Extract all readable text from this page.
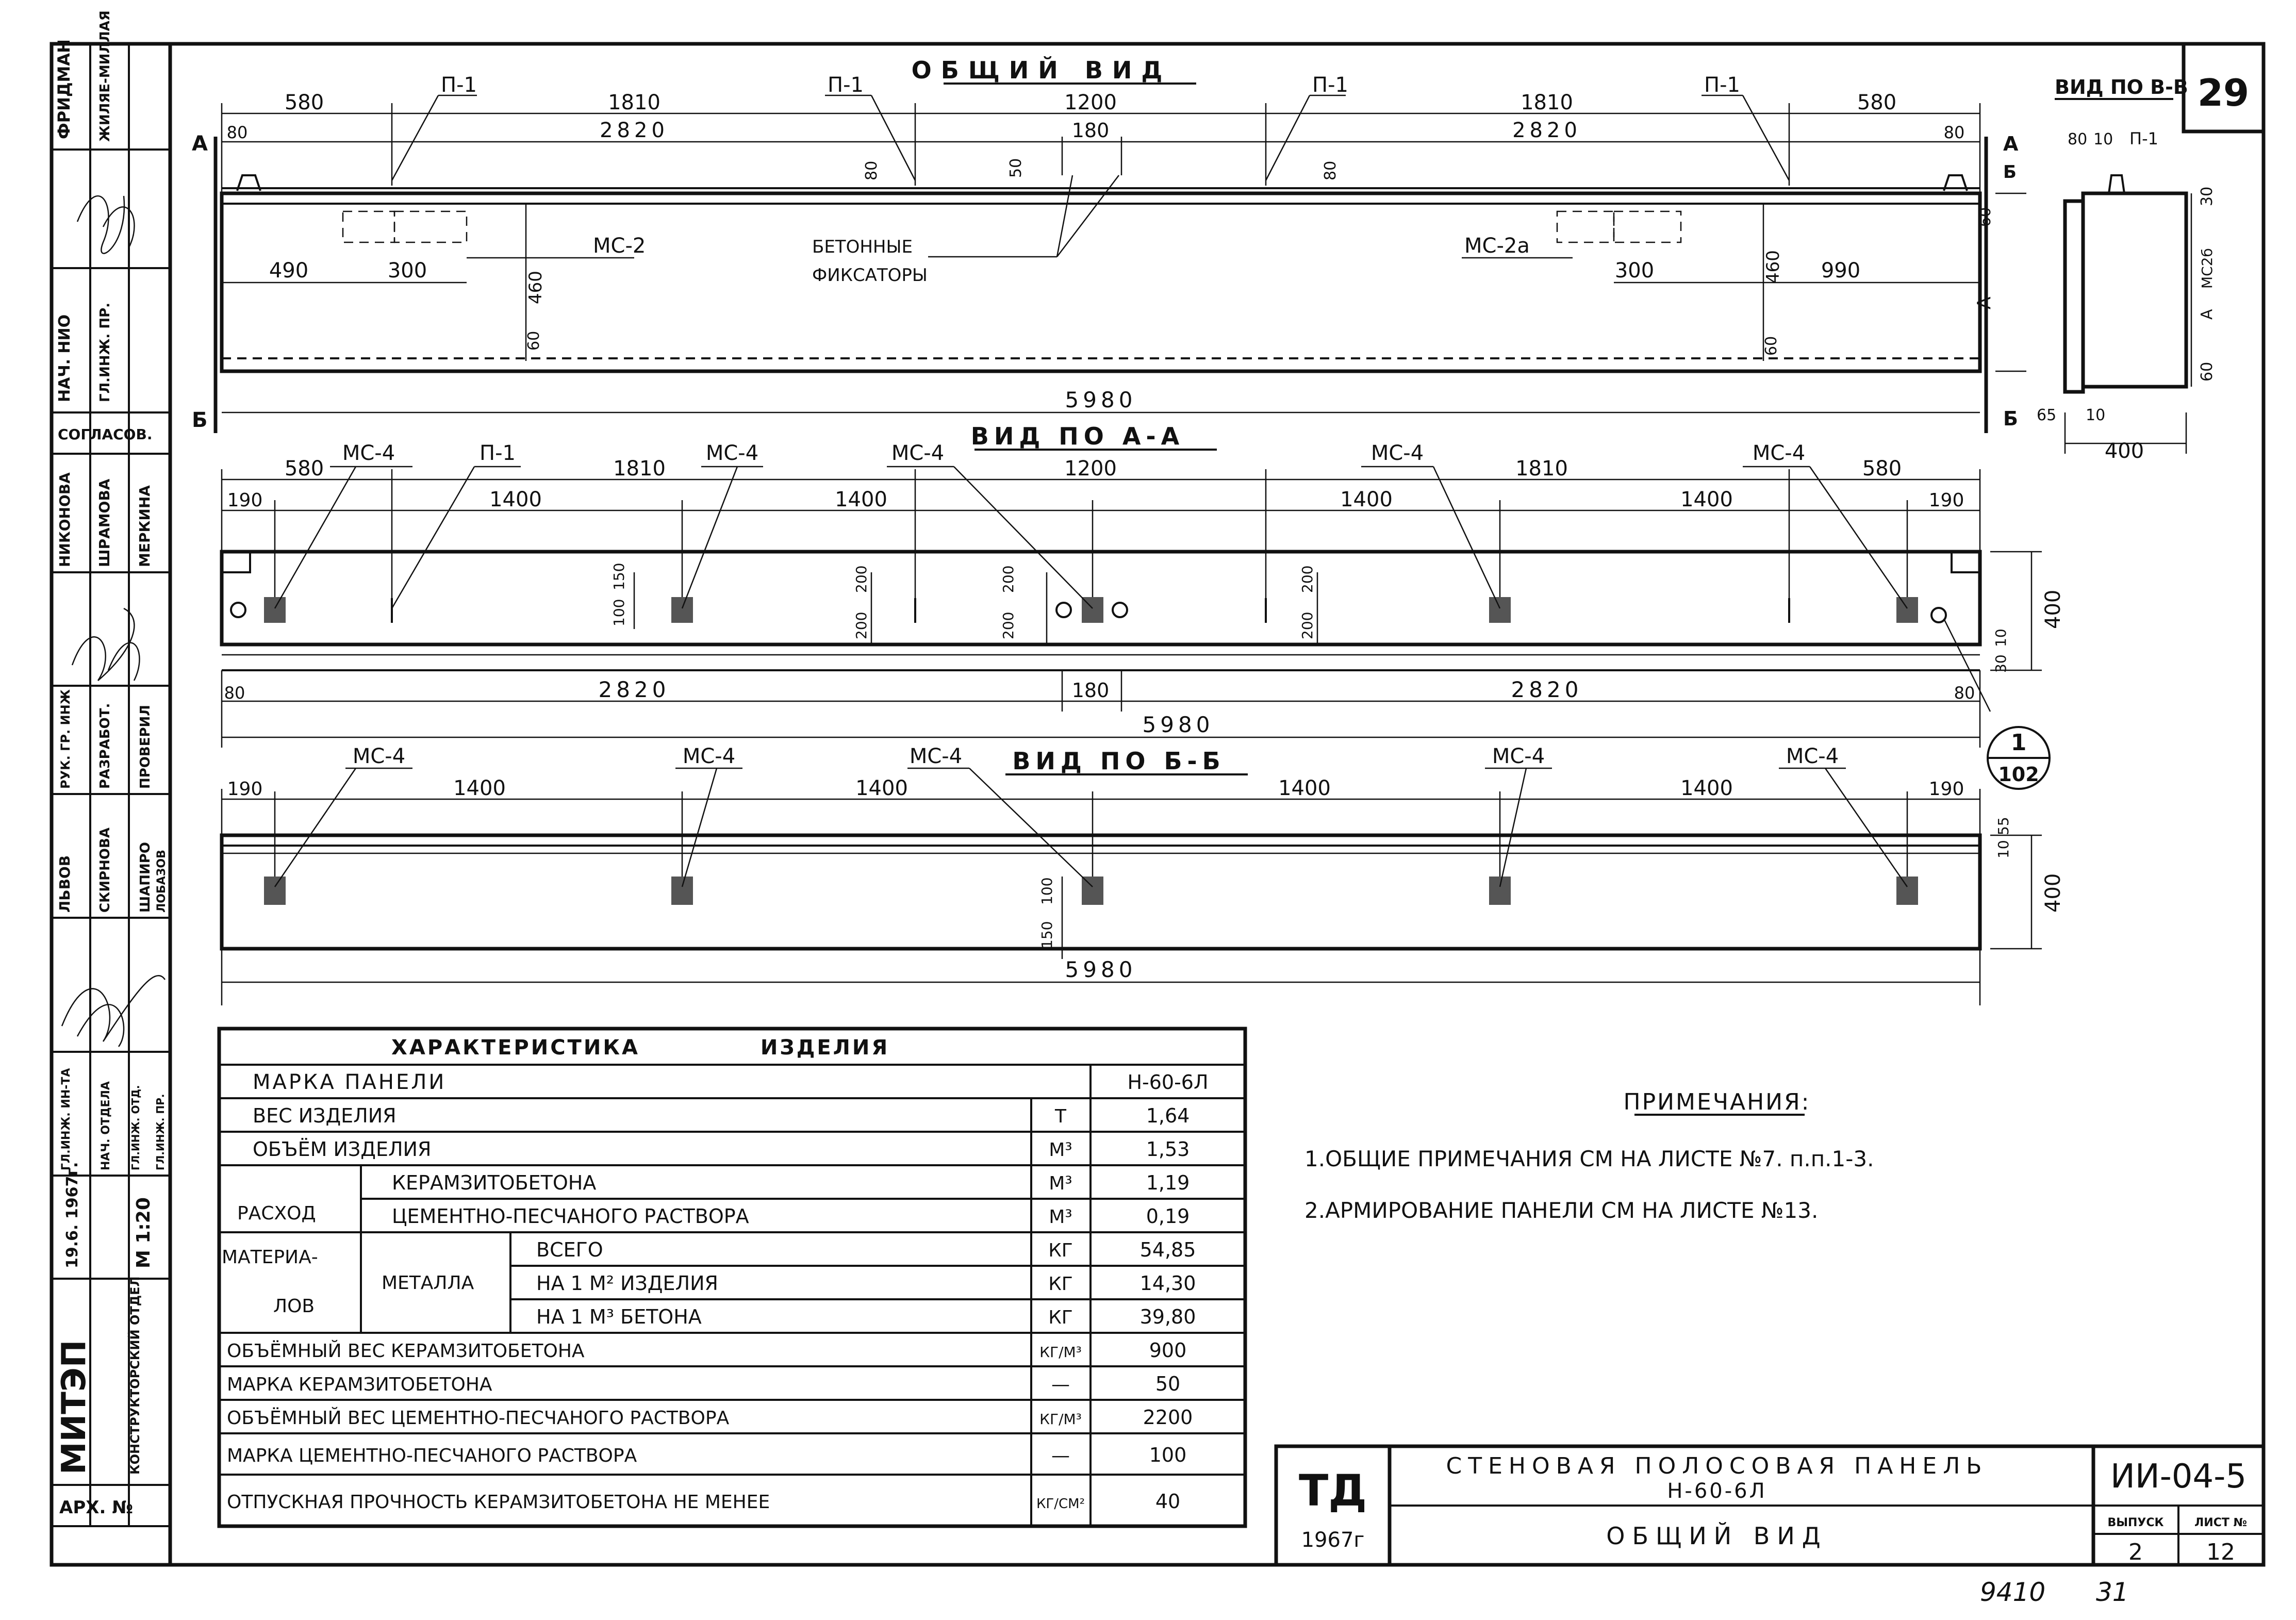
29
ФРИДМАН ЖИЛЯЕ-МИЛЛАЯ
НАЧ. НИО ГЛ.ИНЖ. ПР.
СОГЛАСОВ.
НИКОНОВА ШРАМОВА МЕРКИНА
РУК. ГР. ИНЖ РАЗРАБОТ. ПРОВЕРИЛ
ЛЬВОВ СКИРНОВА ШАПИРО ЛОБАЗОВ
ГЛ.ИНЖ. ИН-ТА НАЧ. ОТДЕЛА ГЛ.ИНЖ. ОТД. ГЛ.ИНЖ. ПР.
19.6. 1967г.	М 1:20
МИТЭП	КОНСТРУКТОРСКИЙ ОТДЕЛ
АРХ. №
ОБЩИЙ ВИД
580
П-1
1810
П-1
1200
П-1
1810
П-1
580
2820	2820
180
80	80
80	80
50
МС-2	МС-2а
БЕТОННЫЕ
ФИКСАТОРЫ
490	300	300	990
460
460
60	60
60
А
5980
А
Б
А
Б
Б
ВИД ПО В-В
80 10 П-1
30
МС2б
А
60
65 10
400
ВИД ПО А-А
1
102
МС-4	П-1	МС-4	МС-4	МС-4	МС-4
580	1810	1200	1810	580
190	1400	1400	1400	1400	190
100
150
200
200
200
200
200
200
80	2820	180	2820	80
5980
400
10
30
ВИД ПО Б-Б
МС-4	МС-4	МС-4	МС-4	МС-4
190	1400	1400	1400	1400	190
100
150
5980
400
55
10
ХАРАКТЕРИСТИКА	ИЗДЕЛИЯ
МАРКА ПАНЕЛИ	Н-60-6Л
ВЕС ИЗДЕЛИЯ	Т	1,64
ОБЪЁМ ИЗДЕЛИЯ	М³	1,53
РАСХОД
МАТЕРИА-
ЛОВ
МЕТАЛЛА
КЕРАМЗИТОБЕТОНА	М³	1,19
ЦЕМЕНТНО-ПЕСЧАНОГО РАСТВОРА	М³	0,19
ВСЕГО	КГ	54,85
НА 1 М² ИЗДЕЛИЯ	КГ	14,30
НА 1 М³ БЕТОНА	КГ	39,80
ОБЪЁМНЫЙ ВЕС КЕРАМЗИТОБЕТОНА	КГ/М³	900
МАРКА КЕРАМЗИТОБЕТОНА	—	50
ОБЪЁМНЫЙ ВЕС ЦЕМЕНТНО-ПЕСЧАНОГО РАСТВОРА	КГ/М³	2200
МАРКА ЦЕМЕНТНО-ПЕСЧАНОГО РАСТВОРА	—	100
ОТПУСКНАЯ ПРОЧНОСТЬ КЕРАМЗИТОБЕТОНА НЕ МЕНЕЕ	КГ/СМ²	40
ПРИМЕЧАНИЯ:
1.ОБЩИЕ ПРИМЕЧАНИЯ СМ НА ЛИСТЕ №7. п.п.1-3.
2.АРМИРОВАНИЕ ПАНЕЛИ СМ НА ЛИСТЕ №13.
ТД
1967г
СТЕНОВАЯ ПОЛОСОВАЯ ПАНЕЛЬ
Н-60-6Л
ОБЩИЙ ВИД
ИИ-04-5
ВЫПУСК	ЛИСТ №
2	12
9410 31
